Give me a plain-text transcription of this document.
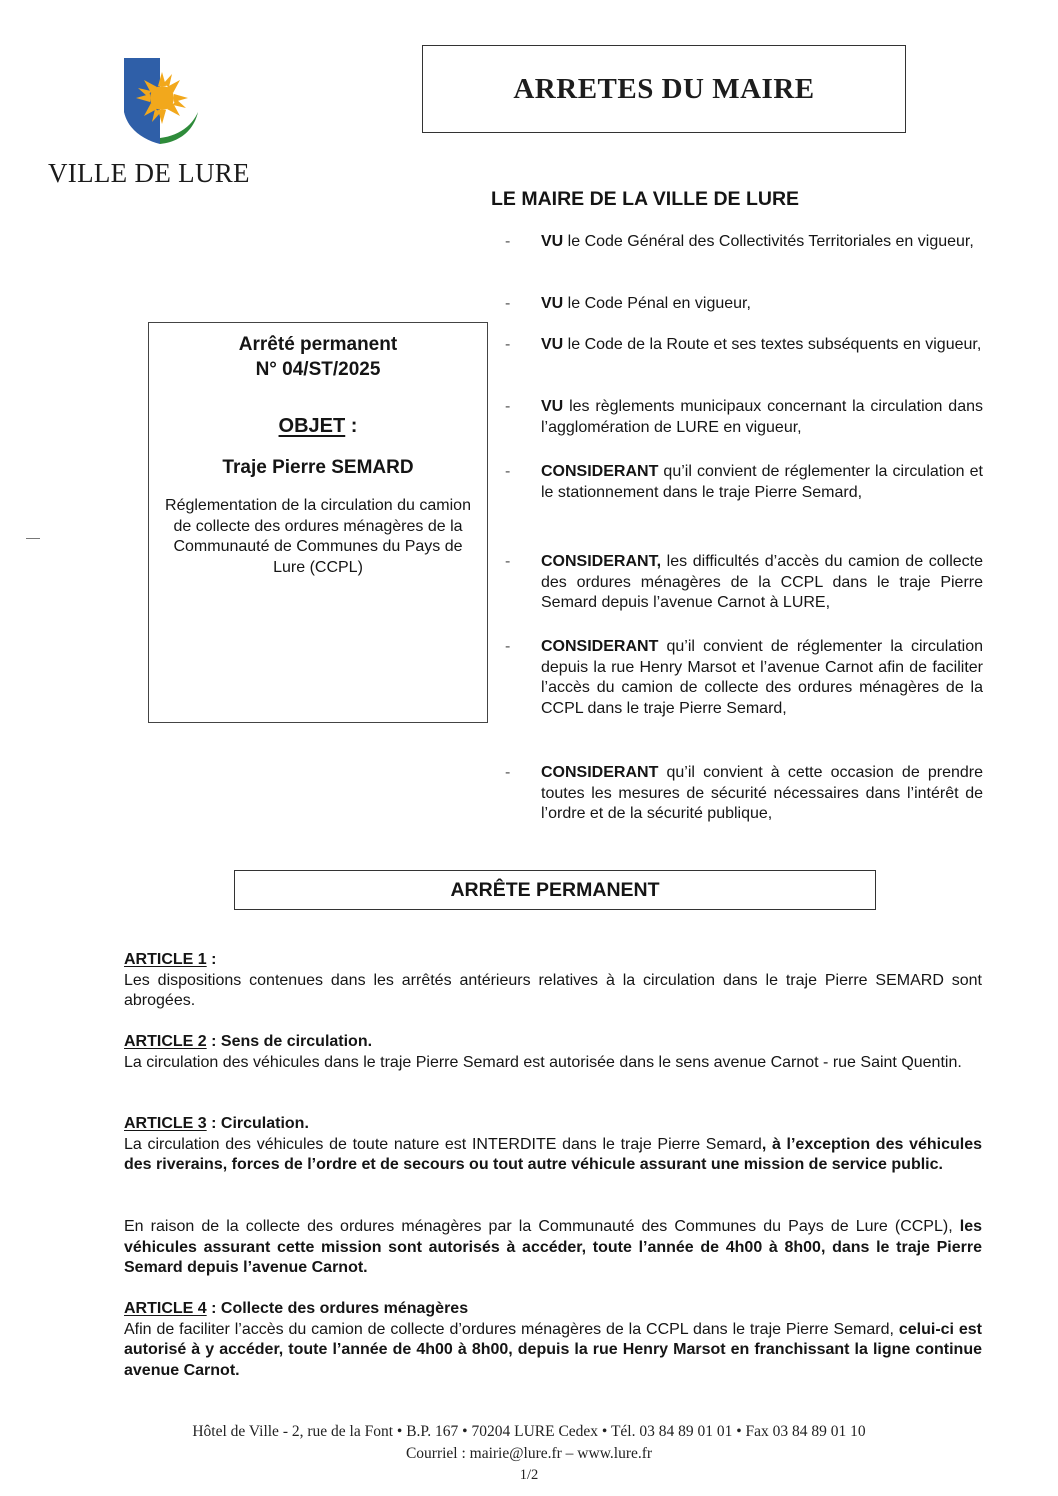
VILLE DE LURE
ARRETES DU MAIRE
LE MAIRE DE LA VILLE DE LURE
Arrêté permanent
N° 04/ST/2025
OBJET :
Traje Pierre SEMARD
Réglementation de la circulation du camion de collecte des ordures ménagères de la Communauté de Communes du Pays de Lure (CCPL)
-	VU le Code Général des Collectivités Territoriales en vigueur,
-	VU le Code Pénal en vigueur,
-	VU le Code de la Route et ses textes subséquents en vigueur,
-	VU les règlements municipaux concernant la circulation dans l’agglomération de LURE en vigueur,
-	CONSIDERANT qu’il convient de réglementer la circulation et le stationnement dans le traje Pierre Semard,
-	CONSIDERANT, les difficultés d’accès du camion de collecte des ordures ménagères de la CCPL dans le traje Pierre Semard depuis l’avenue Carnot à LURE,
-	CONSIDERANT qu’il convient de réglementer la circulation depuis la rue Henry Marsot et l’avenue Carnot afin de faciliter l’accès du camion de collecte des ordures ménagères de la CCPL dans le traje Pierre Semard,
-	CONSIDERANT qu’il convient à cette occasion de prendre toutes les mesures de sécurité nécessaires dans l’intérêt de l’ordre et de la sécurité publique,
ARRÊTE PERMANENT
ARTICLE 1 :
Les dispositions contenues dans les arrêtés antérieurs relatives à la circulation dans le traje Pierre SEMARD sont abrogées.
ARTICLE 2 : Sens de circulation.
La circulation des véhicules dans le traje Pierre Semard est autorisée dans le sens avenue Carnot - rue Saint Quentin.
ARTICLE 3 : Circulation.
La circulation des véhicules de toute nature est INTERDITE dans le traje Pierre Semard, à l’exception des véhicules des riverains, forces de l’ordre et de secours ou tout autre véhicule assurant une mission de service public.
En raison de la collecte des ordures ménagères par la Communauté des Communes du Pays de Lure (CCPL), les véhicules assurant cette mission sont autorisés à accéder, toute l’année de 4h00 à 8h00, dans le traje Pierre Semard depuis l’avenue Carnot.
ARTICLE 4 : Collecte des ordures ménagères
Afin de faciliter l’accès du camion de collecte d’ordures ménagères de la CCPL dans le traje Pierre Semard, celui-ci est autorisé à y accéder, toute l’année de 4h00 à 8h00, depuis la rue Henry Marsot en franchissant la ligne continue avenue Carnot.
Hôtel de Ville - 2, rue de la Font • B.P. 167 • 70204 LURE Cedex • Tél. 03 84 89 01 01 • Fax 03 84 89 01 10
Courriel : mairie@lure.fr – www.lure.fr
1/2
